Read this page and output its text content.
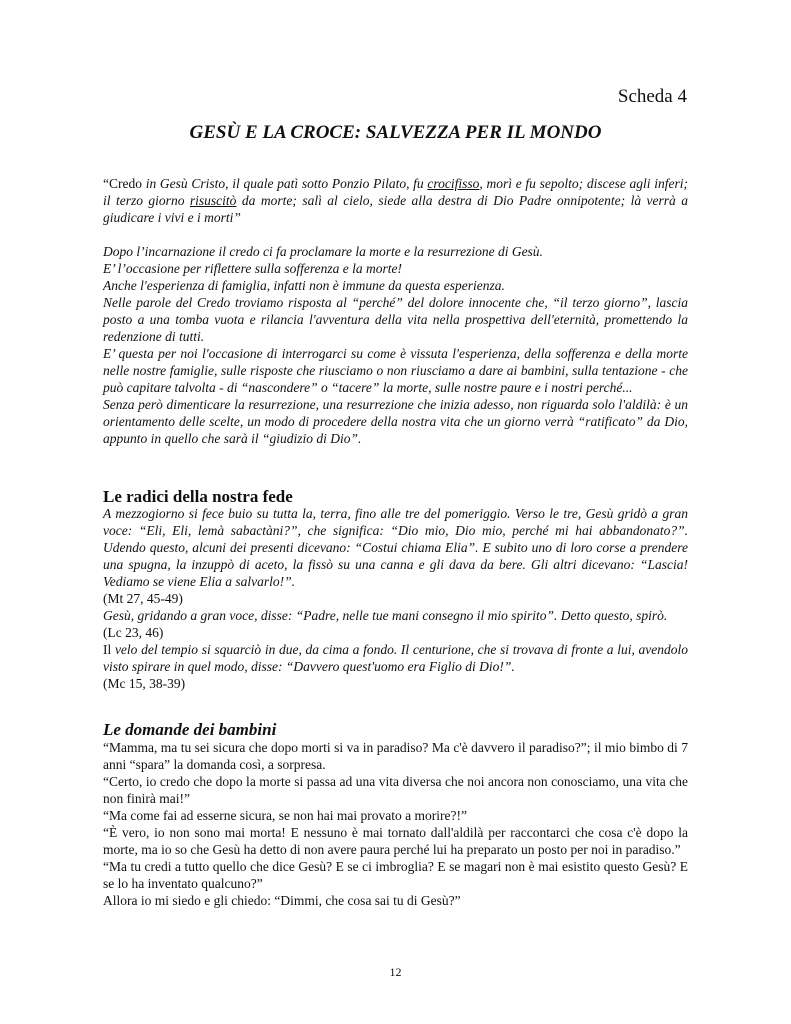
Scheda 4
GESÙ E LA CROCE: SALVEZZA PER IL MONDO

“Credo in Gesù Cristo, il quale patì sotto Ponzio Pilato, fu crocifisso, morì e fu sepolto; discese agli inferi; il terzo giorno risuscitò da morte; salì al cielo, siede alla destra di Dio Padre onnipotente; là verrà a giudicare i vivi e i morti”

Dopo l’incarnazione il credo ci fa proclamare la morte e la resurrezione di Gesù.

E’ l’occasione per riflettere sulla sofferenza e la morte!

Anche l'esperienza di famiglia, infatti non è immune da questa esperienza.

Nelle parole del Credo troviamo risposta al “perché” del dolore innocente che, “il terzo giorno”, lascia posto a una tomba vuota e rilancia l'avventura della vita nella prospettiva dell'eternità, promettendo la redenzione di tutti.

E’ questa per noi l'occasione di interrogarci su come è vissuta l'esperienza, della sofferenza e della morte nelle nostre famiglie, sulle risposte che riusciamo o non riusciamo a dare ai bambini, sulla tentazione - che può capitare talvolta - di “nascondere” o “tacere” la morte, sulle nostre paure e i nostri perché...

Senza però dimenticare la resurrezione, una resurrezione che inizia adesso, non riguarda solo l'aldilà: è un orientamento delle scelte, un modo di procedere della nostra vita che un giorno verrà “ratificato” da Dio, appunto in quello che sarà il “giudizio di Dio”.

Le radici della nostra fede

A mezzogiorno si fece buio su tutta la, terra, fino alle tre del pomeriggio. Verso le tre, Gesù gridò a gran voce: “Eli, Eli, lemà sabactàni?”, che significa: “Dio mio, Dio mio, perché mi hai abbandonato?”. Udendo questo, alcuni dei presenti dicevano: “Costui chiama Elia”. E subito uno di loro corse a prendere una spugna, la inzuppò di aceto, la fissò su una canna e gli dava da bere. Gli altri dicevano: “Lascia! Vediamo se viene Elia a salvarlo!”.

(Mt 27, 45-49)

Gesù, gridando a gran voce, disse: “Padre, nelle tue mani consegno il mio spirito”. Detto questo, spirò.

(Lc 23, 46)

Il velo del tempio si squarciò in due, da cima a fondo. Il centurione, che si trovava di fronte a lui, avendolo visto spirare in quel modo, disse: “Davvero quest'uomo era Figlio di Dio!”.

(Mc 15, 38-39)

Le domande dei bambini

“Mamma, ma tu sei sicura che dopo morti si va in paradiso? Ma c'è davvero il paradiso?”; il mio bimbo di 7 anni “spara” la domanda così, a sorpresa.

“Certo, io credo che dopo la morte si passa ad una vita diversa che noi ancora non conosciamo, una vita che non finirà mai!”

“Ma come fai ad esserne sicura, se non hai mai provato a morire?!”

“È vero, io non sono mai morta! E nessuno è mai tornato dall'aldilà per raccontarci che cosa c'è dopo la morte, ma io so che Gesù ha detto di non avere paura perché lui ha preparato un posto per noi in paradiso.”

“Ma tu credi a tutto quello che dice Gesù? E se ci imbroglia? E se magari non è mai esistito questo Gesù? E se lo ha inventato qualcuno?”

Allora io mi siedo e gli chiedo: “Dimmi, che cosa sai tu di Gesù?”

12
